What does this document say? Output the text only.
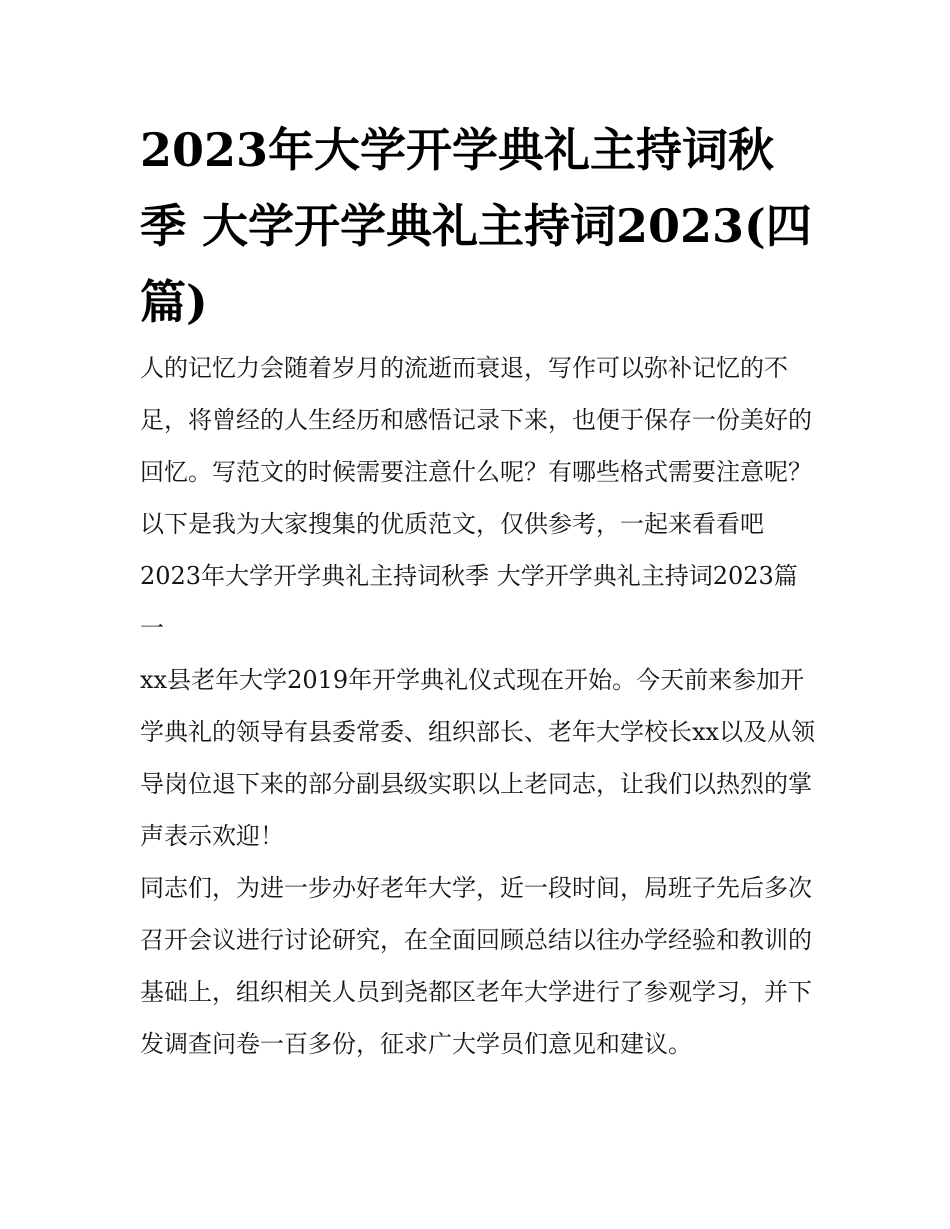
2023年大学开学典礼主持词秋季 大学开学典礼主持词2023(四篇)

人的记忆力会随着岁月的流逝而衰退，写作可以弥补记忆的不足，将曾经的人生经历和感悟记录下来，也便于保存一份美好的回忆。写范文的时候需要注意什么呢？有哪些格式需要注意呢？以下是我为大家搜集的优质范文，仅供参考，一起来看看吧

2023年大学开学典礼主持词秋季 大学开学典礼主持词2023篇一

xx县老年大学2019年开学典礼仪式现在开始。今天前来参加开学典礼的领导有县委常委、组织部长、老年大学校长xx以及从领导岗位退下来的部分副县级实职以上老同志，让我们以热烈的掌声表示欢迎！

同志们，为进一步办好老年大学，近一段时间，局班子先后多次召开会议进行讨论研究，在全面回顾总结以往办学经验和教训的基础上，组织相关人员到尧都区老年大学进行了参观学习，并下发调查问卷一百多份，征求广大学员们意见和建议。
